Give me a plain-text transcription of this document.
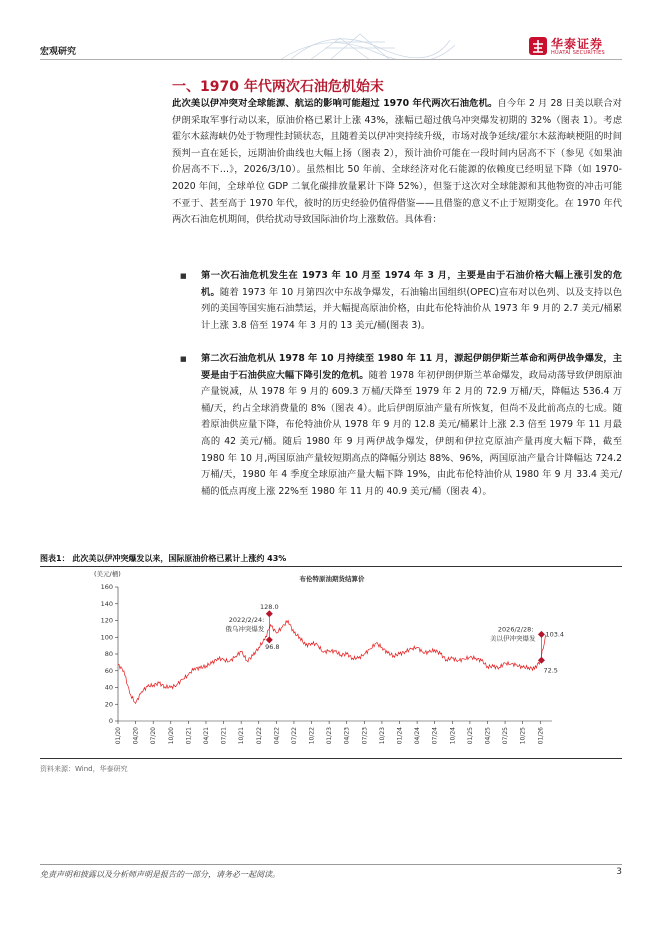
宏观研究
华泰证券
HUATAI SECURITIES
一、1970 年代两次石油危机始末

此次美以伊冲突对全球能源、航运的影响可能超过 1970 年代两次石油危机。自今年 2 月 28 日美以联合对伊朗采取军事行动以来，原油价格已累计上涨 43%，涨幅已超过俄乌冲突爆发初期的 32%（图表 1）。考虑霍尔木兹海峡仍处于物理性封锁状态，且随着美以伊冲突持续升级，市场对战争延续/霍尔木兹海峡梗阻的时间预判一直在延长，远期油价曲线也大幅上扬（图表 2），预计油价可能在一段时间内居高不下（参见《如果油价居高不下…》，2026/3/10）。虽然相比 50 年前、全球经济对化石能源的依赖度已经明显下降（如 1970-2020 年间，全球单位 GDP 二氧化碳排放量累计下降 52%），但鉴于这次对全球能源和其他物资的冲击可能不亚于、甚至高于 1970 年代，彼时的历史经验仍值得借鉴——且借鉴的意义不止于短期变化。在 1970 年代两次石油危机期间，供给扰动导致国际油价均上涨数倍。具体看：

■ 第一次石油危机发生在 1973 年 10 月至 1974 年 3 月，主要是由于石油价格大幅上涨引发的危机。随着 1973 年 10 月第四次中东战争爆发，石油输出国组织(OPEC)宣布对以色列、以及支持以色列的美国等国实施石油禁运，并大幅提高原油价格，由此布伦特油价从 1973 年 9 月的 2.7 美元/桶累计上涨 3.8 倍至 1974 年 3 月的 13 美元/桶(图表 3)。

■ 第二次石油危机从 1978 年 10 月持续至 1980 年 11 月，源起伊朗伊斯兰革命和两伊战争爆发，主要是由于石油供应大幅下降引发的危机。随着 1978 年初伊朗伊斯兰革命爆发，政局动荡导致伊朗原油产量锐减，从 1978 年 9 月的 609.3 万桶/天降至 1979 年 2 月的 72.9 万桶/天，降幅达 536.4 万桶/天，约占全球消费量的 8%（图表 4）。此后伊朗原油产量有所恢复，但尚不及此前高点的七成。随着原油供应量下降，布伦特油价从 1978 年 9 月的 12.8 美元/桶累计上涨 2.3 倍至 1979 年 11 月最高的 42 美元/桶。随后 1980 年 9 月两伊战争爆发，伊朗和伊拉克原油产量再度大幅下降，截至 1980 年 10 月,两国原油产量较短期高点的降幅分别达 88%、96%，两国原油产量合计降幅达 724.2 万桶/天，1980 年 4 季度全球原油产量大幅下降 19%，由此布伦特油价从 1980 年 9 月 33.4 美元/桶的低点再度上涨 22%至 1980 年 11 月的 40.9 美元/桶（图表 4）。

图表1： 此次美以伊冲突爆发以来，国际原油价格已累计上涨约 43%
(美元/桶)
布伦特原油期货结算价
0
20
40
60
80
100
120
140
160
01/20 04/20 07/20 10/20 01/21 04/21 07/21 10/21 01/22 04/22 07/22 10/22 01/23 04/23 07/23 10/23 01/24 04/24 07/24 10/24 01/25 04/25 07/25 10/25 01/26
128.0
96.8
2022/2/24:
俄乌冲突爆发
103.4
72.5
2026/2/28:
美以伊冲突爆发
资料来源：Wind，华泰研究
免责声明和披露以及分析师声明是报告的一部分，请务必一起阅读。	3
